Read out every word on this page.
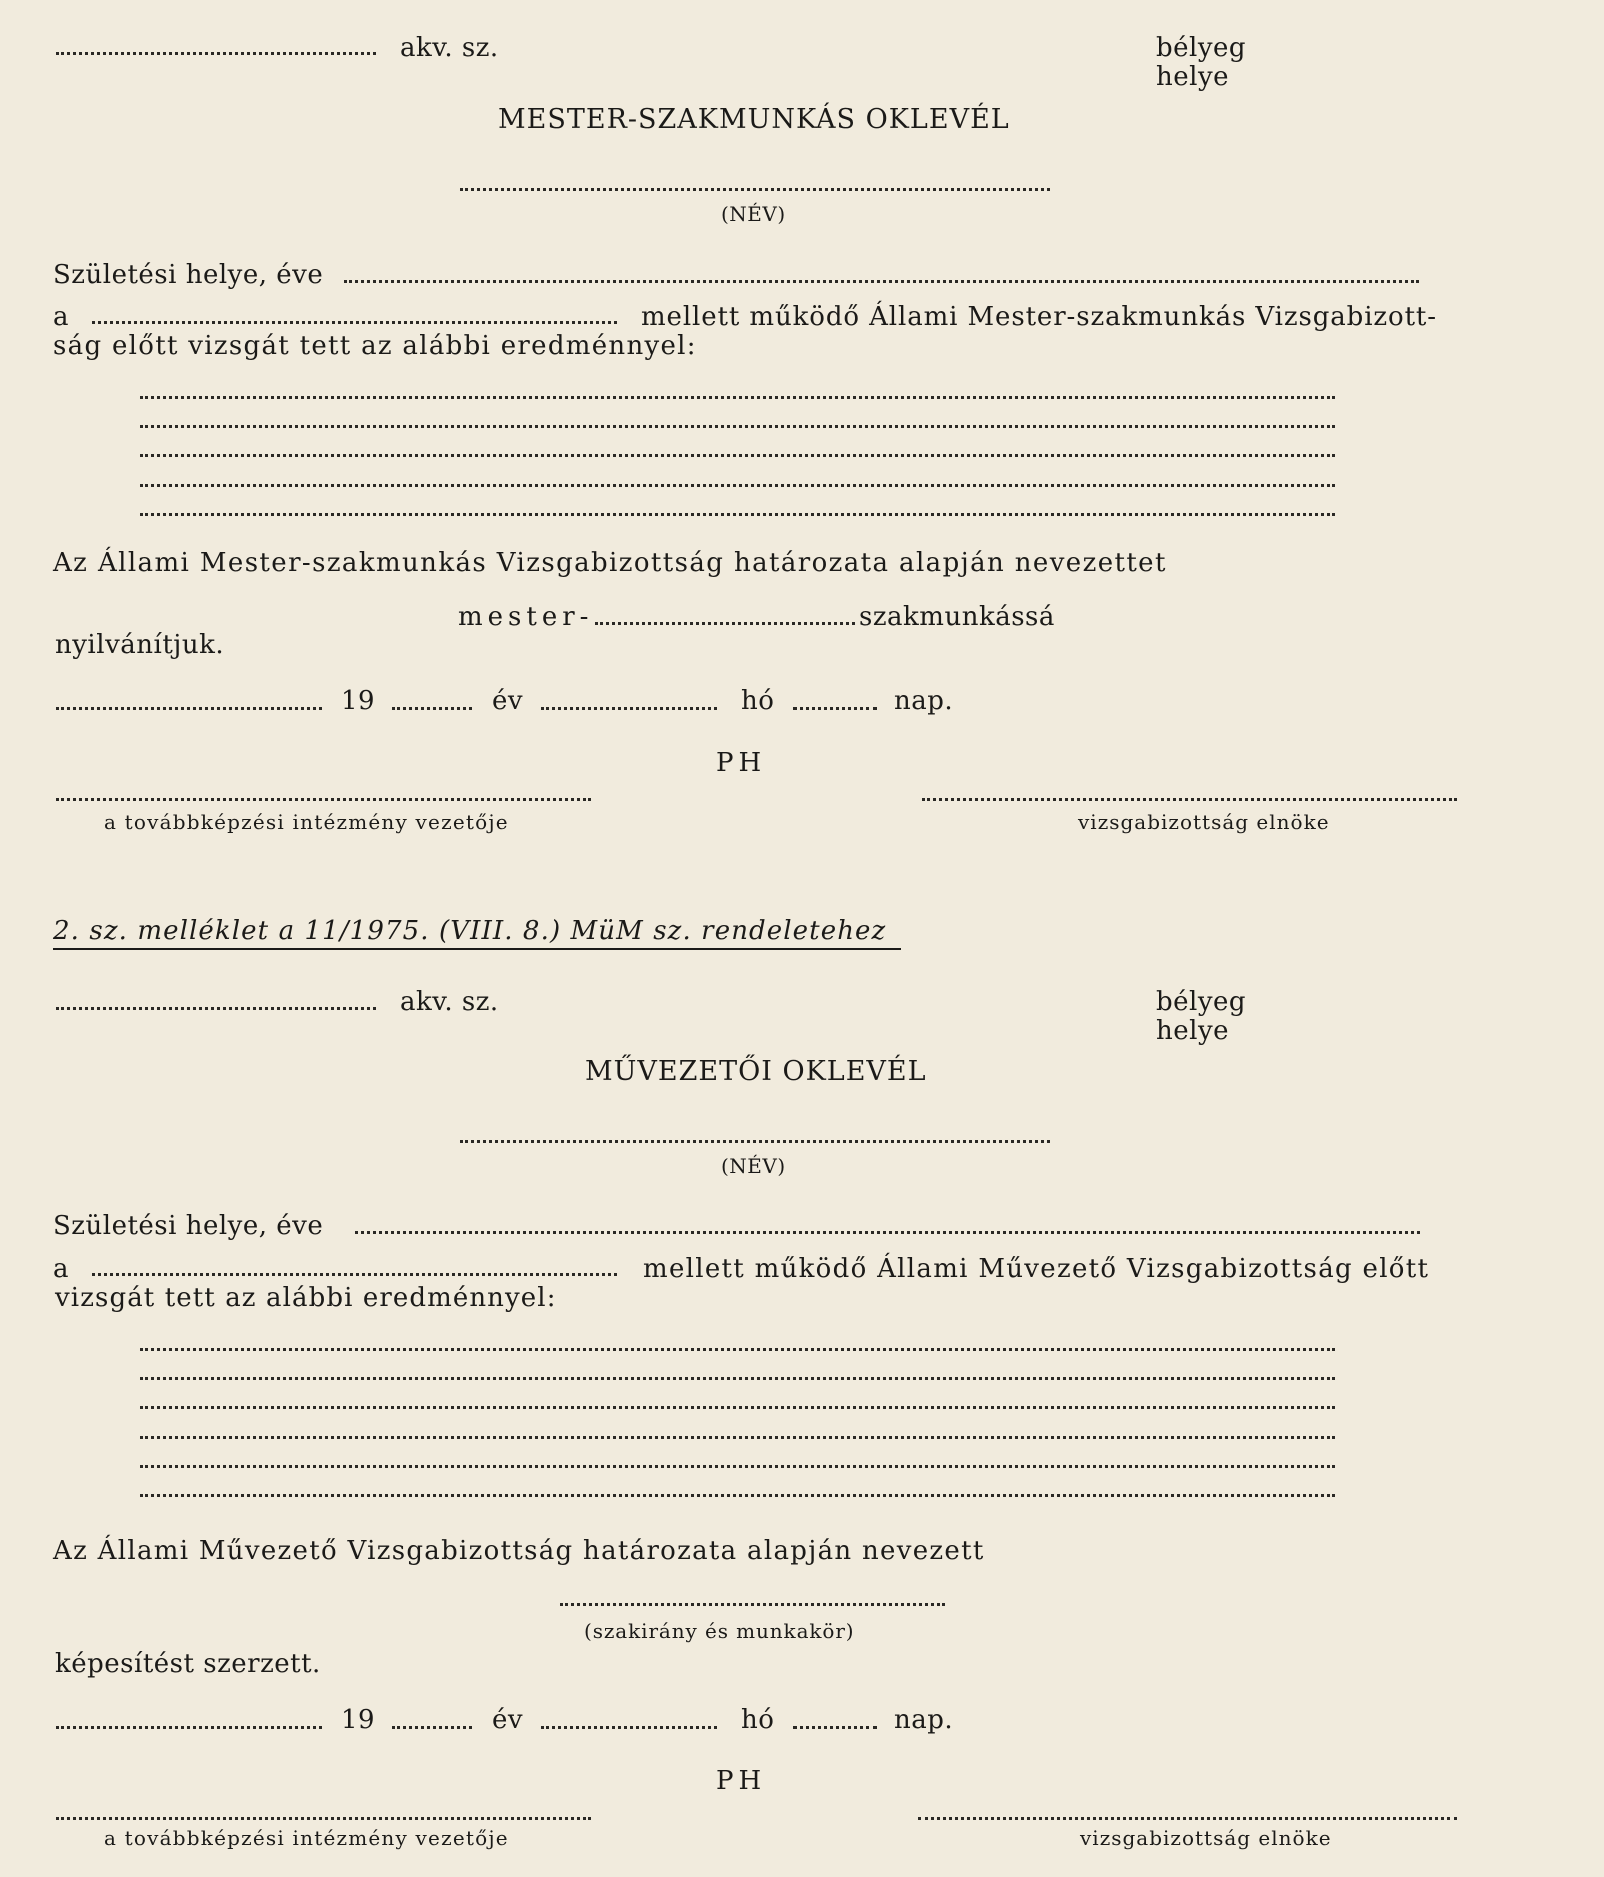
akv. sz.	bélyeg
helye
MESTER-SZAKMUNKÁS OKLEVÉL
(NÉV)
Születési helye, éve
a	mellett működő Állami Mester-szakmunkás Vizsgabizott-
ság előtt vizsgát tett az alábbi eredménnyel:
Az Állami Mester-szakmunkás Vizsgabizottság határozata alapján nevezettet
mester-	szakmunkássá
nyilvánítjuk.
19	év	hó	nap.
PH
a továbbképzési intézmény vezetője	vizsgabizottság elnöke
2. sz. melléklet a 11/1975. (VIII. 8.) MüM sz. rendeletehez
akv. sz.	bélyeg
helye
MŰVEZETŐI OKLEVÉL
(NÉV)
Születési helye, éve
a	mellett működő Állami Művezető Vizsgabizottság előtt
vizsgát tett az alábbi eredménnyel:
Az Állami Művezető Vizsgabizottság határozata alapján nevezett
(szakirány és munkakör)
képesítést szerzett.
19	év	hó	nap.
PH
a továbbképzési intézmény vezetője	vizsgabizottság elnöke
